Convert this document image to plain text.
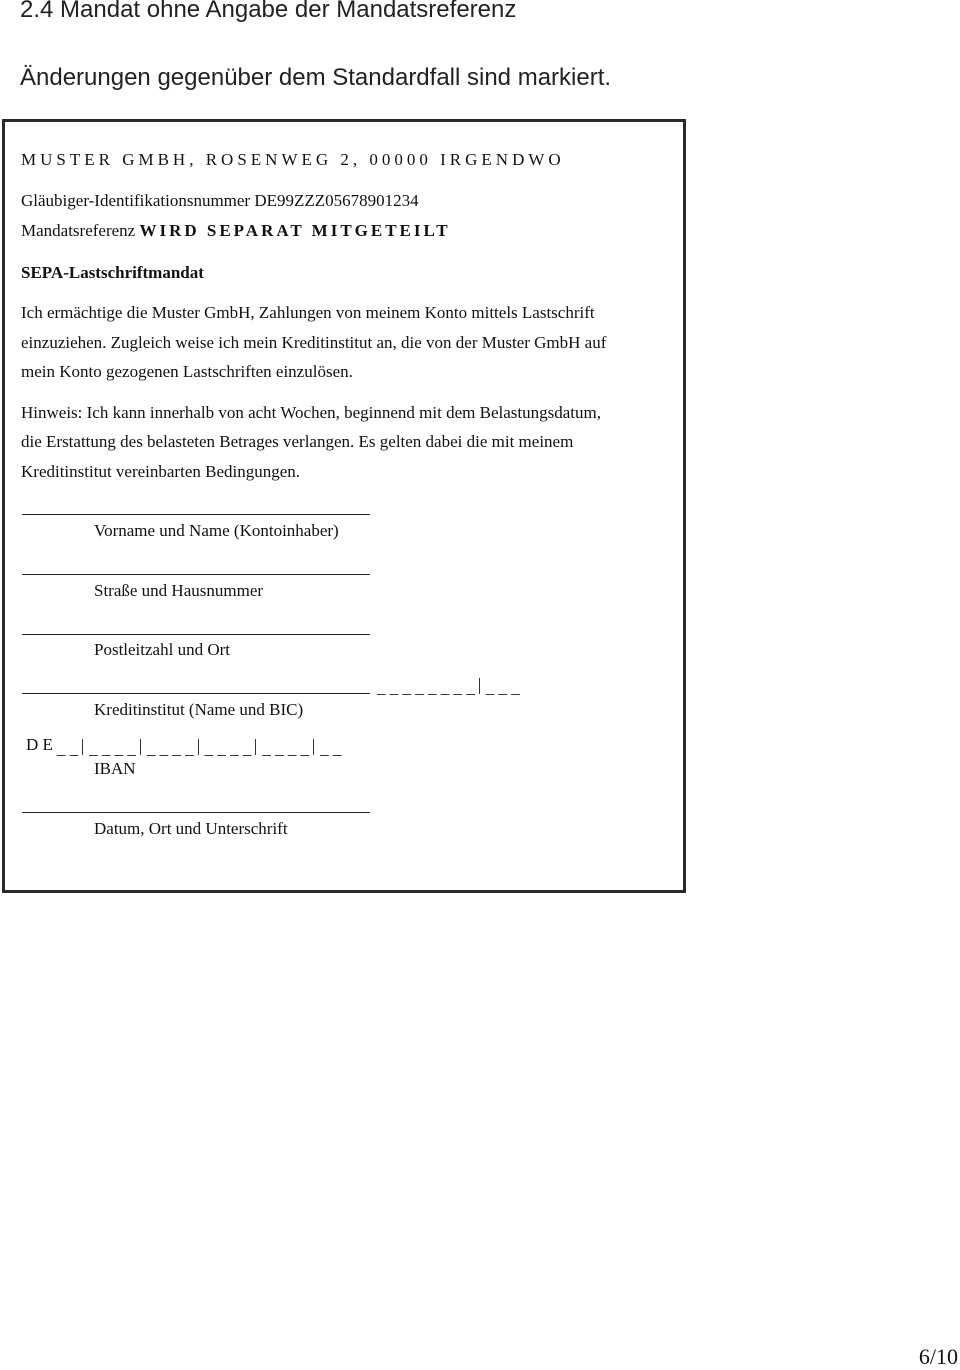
2.4 Mandat ohne Angabe der Mandatsreferenz
Änderungen gegenüber dem Standardfall sind markiert.
MUSTER GMBH, ROSENWEG 2, 00000 IRGENDWO
Gläubiger-Identifikationsnummer DE99ZZZ05678901234
Mandatsreferenz WIRD SEPARAT MITGETEILT
SEPA-Lastschriftmandat
Ich ermächtige die Muster GmbH, Zahlungen von meinem Konto mittels Lastschrift
einzuziehen. Zugleich weise ich mein Kreditinstitut an, die von der Muster GmbH auf
mein Konto gezogenen Lastschriften einzulösen.
Hinweis: Ich kann innerhalb von acht Wochen, beginnend mit dem Belastungsdatum,
die Erstattung des belasteten Betrages verlangen. Es gelten dabei die mit meinem
Kreditinstitut vereinbarten Bedingungen.
Vorname und Name (Kontoinhaber)
Straße und Hausnummer
Postleitzahl und Ort
_ _ _ _ _ _ _ _ _ _ _
Kreditinstitut (Name und BIC)
D E _ _ _ _ _ _ _ _ _ _ _ _ _ _ _ _ _ _ _ _
IBAN
Datum, Ort und Unterschrift
6/10
